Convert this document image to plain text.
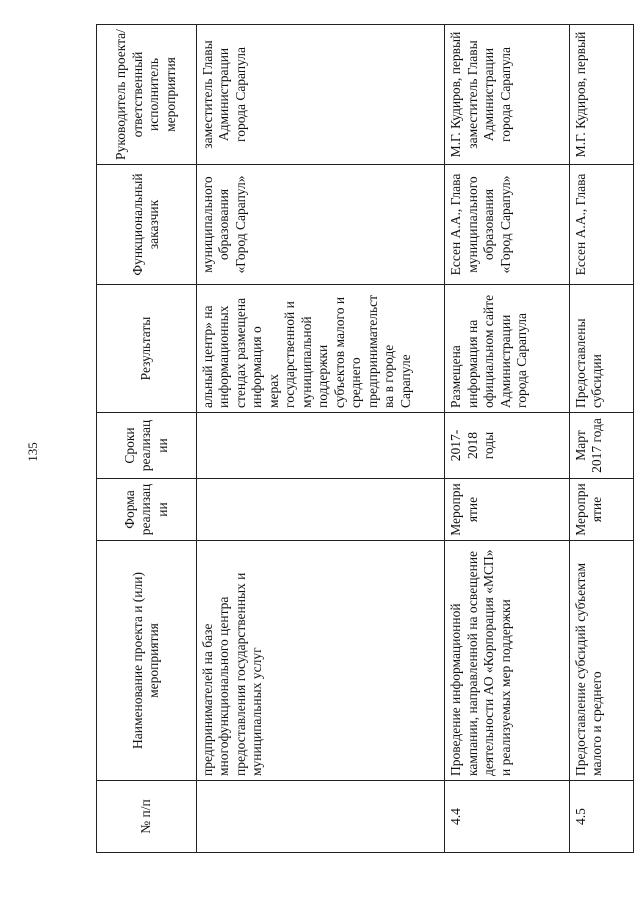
135
№ п/п	Наименование проекта и (или) мероприятия	Форма реализации	Сроки реализации	Результаты	Функциональный заказчик	Руководитель проекта/ ответственный исполнитель мероприятия
	предпринимателей на базе многофункционального центра предоставления государственных и муниципальных услуг			альный центр» на информационных стендах размещена информация о мерах государственной и муниципальной поддержки субъектов малого и среднего предпринимательства в городе Сарапуле	муниципального образования «Город Сарапул»	заместитель Главы Администрации города Сарапула
4.4	Проведение информационной кампании, направленной на освещение деятельности АО «Корпорация «МСП» и реализуемых мер поддержки	Мероприятие	2017-2018 годы	Размещена информация на официальном сайте Администрации города Сарапула	Ессен А.А., Глава муниципального образования «Город Сарапул»	М.Г. Кудиров, первый заместитель Главы Администрации города Сарапула
4.5	Предоставление субсидий субъектам малого и среднего	Мероприятие	Март 2017 года	Предоставлены субсидии	Ессен А.А., Глава	М.Г. Кудиров, первый
